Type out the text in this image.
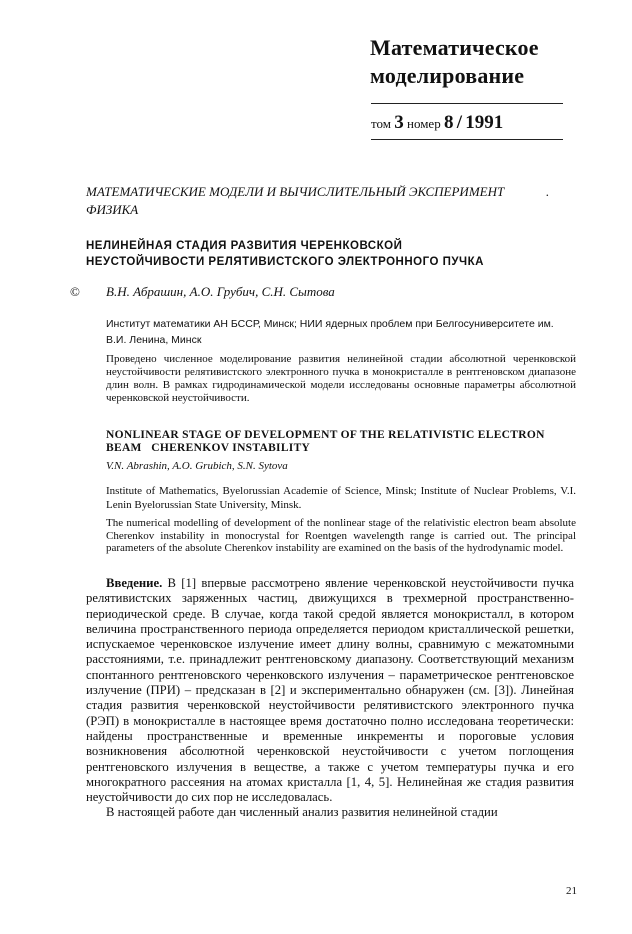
Математическое
моделирование
том 3 номер 8 / 1991
МАТЕМАТИЧЕСКИЕ МОДЕЛИ И ВЫЧИСЛИТЕЛЬНЫЙ ЭКСПЕРИМЕНТ	.
ФИЗИКА
НЕЛИНЕЙНАЯ СТАДИЯ РАЗВИТИЯ ЧЕРЕНКОВСКОЙ
НЕУСТОЙЧИВОСТИ РЕЛЯТИВИСТСКОГО ЭЛЕКТРОННОГО ПУЧКА
© В.Н. Абрашин, А.О. Грубич, С.Н. Сытова
Институт математики АН БССР, Минск; НИИ ядерных проблем при Белгосуниверситете им. В.И. Ленина, Минск
Проведено численное моделирование развития нелинейной стадии абсолютной черенковской неустойчивости релятивистского электронного пучка в монокристалле в рентгеновском диапазоне длин волн. В рамках гидродинамической модели исследованы основные параметры абсолютной черенковской неустойчивости.
NONLINEAR STAGE OF DEVELOPMENT OF THE RELATIVISTIC ELECTRON
BEAM   CHERENKOV INSTABILITY
V.N. Abrashin, A.O. Grubich, S.N. Sytova
Institute of Mathematics, Byelorussian Academie of Science, Minsk; Institute of Nuclear Problems, V.I. Lenin Byelorussian State University, Minsk.
The numerical modelling of development of the nonlinear stage of the relativistic electron beam absolute Cherenkov instability in monocrystal for Roentgen wavelength range is carried out. The principal parameters of the absolute Cherenkov instability are examined on the basis of the hydrodynamic model.

Введение. В [1] впервые рассмотрено явление черенковской неустойчивости пучка релятивистских заряженных частиц, движущихся в трехмерной пространственно-периодической среде. В случае, когда такой средой является монокристалл, в котором величина пространственного периода определяется периодом кристаллической решетки, испускаемое черенковское излучение имеет длину волны, сравнимую с межатомными расстояниями, т.е. принадлежит рентгеновскому диапазону. Соответствующий механизм спонтанного рентгеновского черенковского излучения – параметрическое рентгеновское излучение (ПРИ) – предсказан в [2] и экспериментально обнаружен (см. [3]). Линейная стадия развития черенковской неустойчивости релятивистского электронного пучка (РЭП) в монокристалле в настоящее время достаточно полно исследована теоретически: найдены пространственные и временные инкременты и пороговые условия возникновения абсолютной черенковской неустойчивости с учетом поглощения рентгеновского излучения в веществе, а также с учетом температуры пучка и его многократного рассеяния на атомах кристалла [1, 4, 5]. Нелинейная же стадия развития неустойчивости до сих пор не исследовалась.

В настоящей работе дан численный анализ развития нелинейной стадии

21
